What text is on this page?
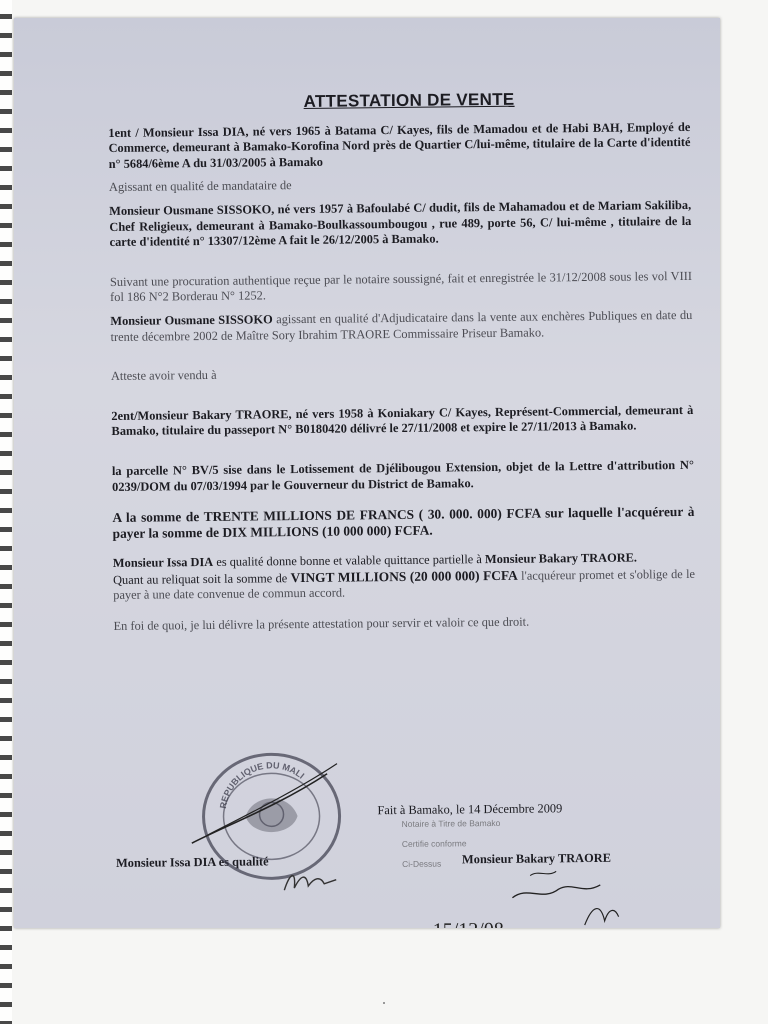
ATTESTATION DE VENTE

1ent / Monsieur Issa DIA, né vers 1965 à Batama C/ Kayes, fils de Mamadou et de Habi BAH, Employé de Commerce, demeurant à Bamako-Korofina Nord près de Quartier C/lui-même, titulaire de la Carte d'identité n° 5684/6ème A du 31/03/2005 à Bamako

Agissant en qualité de mandataire de

Monsieur Ousmane SISSOKO, né vers 1957 à Bafoulabé C/ dudit, fils de Mahamadou et de Mariam Sakiliba, Chef Religieux, demeurant à Bamako-Boulkassoumbougou , rue 489, porte 56, C/ lui-même , titulaire de la carte d'identité n° 13307/12ème A fait le 26/12/2005 à Bamako.

Suivant une procuration authentique reçue par le notaire soussigné, fait et enregistrée le 31/12/2008 sous les vol VIII fol 186 N°2 Borderau N° 1252.

Monsieur Ousmane SISSOKO agissant en qualité d'Adjudicataire dans la vente aux enchères Publiques en date du trente décembre 2002 de Maître Sory Ibrahim TRAORE Commissaire Priseur Bamako.

Atteste avoir vendu à

2ent/Monsieur Bakary TRAORE, né vers 1958 à Koniakary C/ Kayes, Représent-Commercial, demeurant à Bamako, titulaire du passeport N° B0180420 délivré le 27/11/2008 et expire le 27/11/2013 à Bamako.

la parcelle N° BV/5 sise dans le Lotissement de Djélibougou Extension, objet de la Lettre d'attribution N° 0239/DOM du 07/03/1994 par le Gouverneur du District de Bamako.

A la somme de TRENTE MILLIONS DE FRANCS ( 30. 000. 000) FCFA sur laquelle l'acquéreur à payer la somme de DIX MILLIONS (10 000 000) FCFA.

Monsieur Issa DIA es qualité donne bonne et valable quittance partielle à Monsieur Bakary TRAORE.

Quant au reliquat soit la somme de VINGT MILLIONS (20 000 000) FCFA l'acquéreur promet et s'oblige de le payer à une date convenue de commun accord.

En foi de quoi, je lui délivre la présente attestation pour servir et valoir ce que droit.

Fait à Bamako, le 14 Décembre 2009
Monsieur Issa DIA es qualité	Monsieur Bakary TRAORE
REPUBLIQUE DU MALI
Notaire à Titre de Bamako
Certifie conforme
Ci-Dessus
BAMAKO, le 15/12/08
